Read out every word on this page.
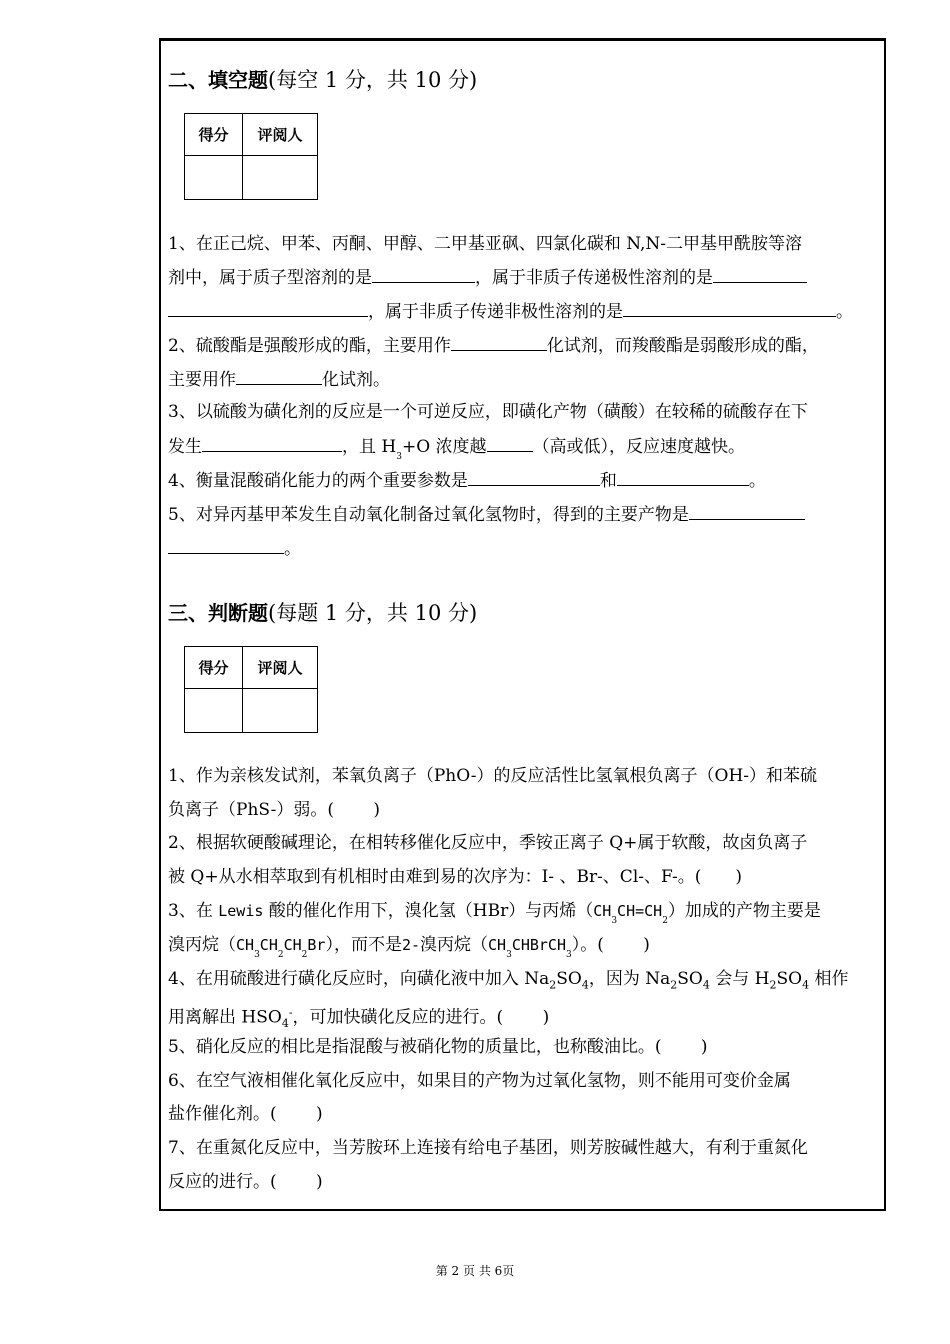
二、填空题(每空 1 分，共 10 分)
得分	评阅人

1、在正己烷、甲苯、丙酮、甲醇、二甲基亚砜、四氯化碳和 N,N-二甲基甲酰胺等溶
剂中，属于质子型溶剂的是	，属于非质子传递极性溶剂的是
，属于非质子传递非极性溶剂的是	。
2、硫酸酯是强酸形成的酯，主要用作	化试剂，而羧酸酯是弱酸形成的酯，
主要用作	化试剂。
3、以硫酸为磺化剂的反应是一个可逆反应，即磺化产物（磺酸）在较稀的硫酸存在下
发生	，且 $H_3+O$ 浓度越	（高或低），反应速度越快。
4、衡量混酸硝化能力的两个重要参数是	和	。
5、对异丙基甲苯发生自动氧化制备过氧化氢物时，得到的主要产物是
。
三、判断题(每题 1 分，共 10 分)
得分	评阅人

1、作为亲核发试剂，苯氧负离子（PhO-）的反应活性比氢氧根负离子（OH-）和苯硫
负离子（PhS-）弱。(　　 )
2、根据软硬酸碱理论，在相转移催化反应中，季铵正离子 Q+属于软酸，故卤负离子
被 Q+从水相萃取到有机相时由难到易的次序为：I- 、Br-、Cl-、F-。(　　)
3、在 Lewis 酸的催化作用下，溴化氢（HBr）与丙烯$(CH_3CH=CH_2)$加成的产物主要是
溴丙烷$(CH_3CH_2CH_2Br)$，而不是2-溴丙烷$(CH_3CHBrCH_3)$。(　　 )
4、在用硫酸进行磺化反应时，向磺化液中加入 $Na_2SO_4$，因为 $Na_2SO_4$ 会与 $H_2SO_4$ 相作
用离解出 $HSO_4^-$，可加快磺化反应的进行。(　　 )
5、硝化反应的相比是指混酸与被硝化物的质量比，也称酸油比。(　　 )
6、在空气液相催化氧化反应中，如果目的产物为过氧化氢物，则不能用可变价金属
盐作催化剂。(　　 )
7、在重氮化反应中，当芳胺环上连接有给电子基团，则芳胺碱性越大，有利于重氮化
反应的进行。(　　 )
第 2 页 共 6页
